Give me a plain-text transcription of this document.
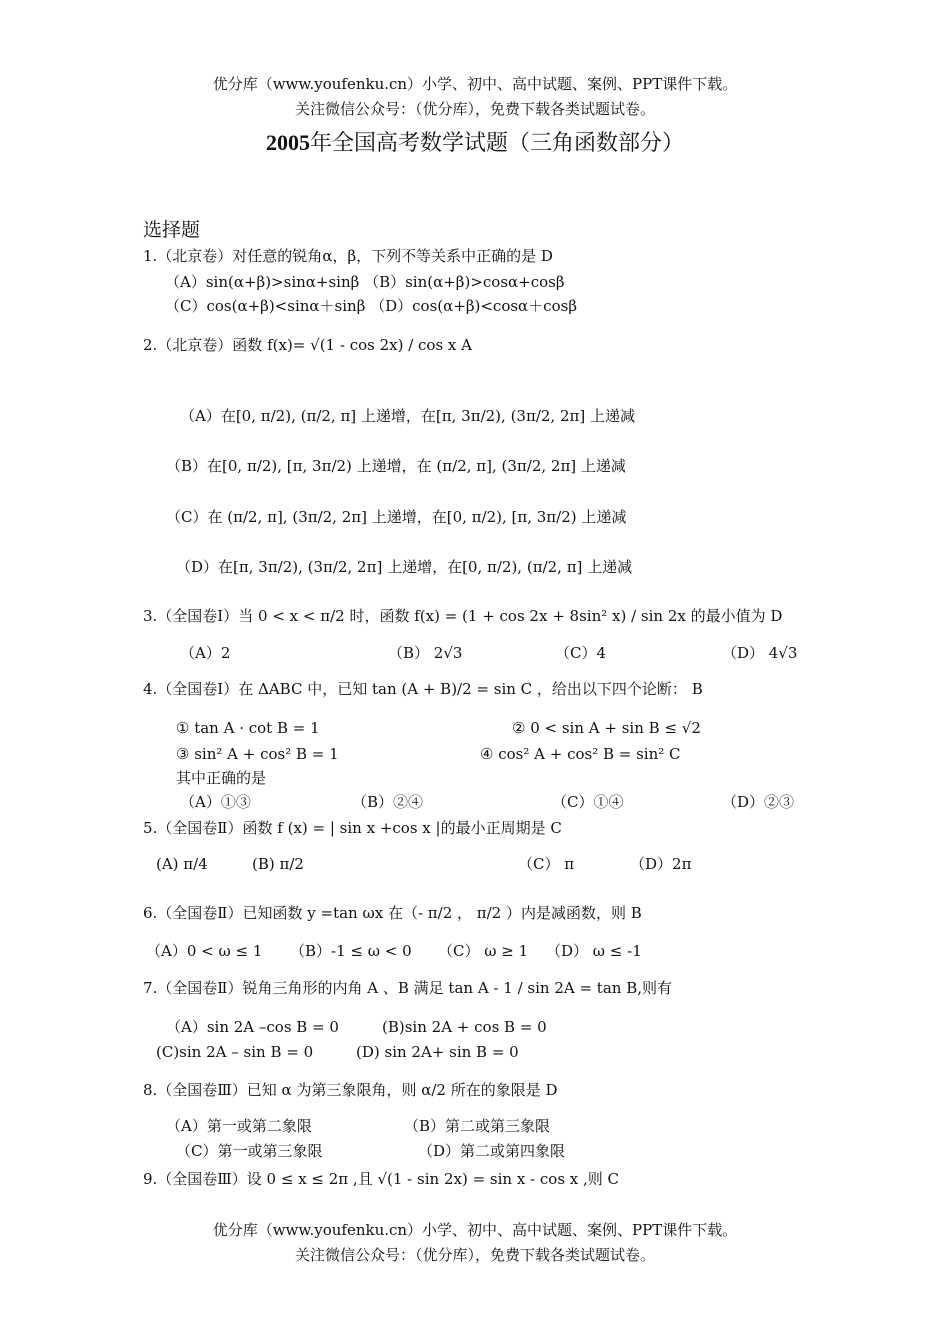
优分库（www.youfenku.cn）小学、初中、高中试题、案例、PPT课件下载。
关注微信公众号：（优分库），免费下载各类试题试卷。
2005年全国高考数学试题（三角函数部分）
选择题
1.（北京卷）对任意的锐角α，β，下列不等关系中正确的是 D
（A）sin(α+β)>sinα+sinβ （B）sin(α+β)>cosα+cosβ
（C）cos(α+β)<sinα＋sinβ （D）cos(α+β)<cosα＋cosβ
2.（北京卷）函数 f(x)= √(1 - cos 2x) / cos x A
（A）在[0, π/2), (π/2, π] 上递增，在[π, 3π/2), (3π/2, 2π] 上递减
（B）在[0, π/2), [π, 3π/2) 上递增，在 (π/2, π], (3π/2, 2π] 上递减
（C）在 (π/2, π], (3π/2, 2π] 上递增，在[0, π/2), [π, 3π/2) 上递减
（D）在[π, 3π/2), (3π/2, 2π] 上递增，在[0, π/2), (π/2, π] 上递减
3.（全国卷Ⅰ）当 0 < x < π/2 时，函数 f(x) = (1 + cos 2x + 8sin² x) / sin 2x 的最小值为 D
（A）2	（B） 2√3	（C）4	（D） 4√3
4.（全国卷Ⅰ）在 ΔABC 中，已知 tan (A + B)/2 = sin C ，给出以下四个论断： B
① tan A · cot B = 1	② 0 < sin A + sin B ≤ √2
③ sin² A + cos² B = 1	④ cos² A + cos² B = sin² C
其中正确的是
（A）①③	（B）②④	（C）①④	（D）②③
5.（全国卷Ⅱ）函数 f (x) = | sin x +cos x |的最小正周期是 C
(A) π/4	(B) π/2	（C） π	（D）2π
6.（全国卷Ⅱ）已知函数 y =tan ωx 在（- π/2 ， π/2 ）内是减函数，则 B
（A）0 < ω ≤ 1 （B）-1 ≤ ω < 0 （C） ω ≥ 1 （D） ω ≤ -1
7.（全国卷Ⅱ）锐角三角形的内角 A 、B 满足 tan A - 1 / sin 2A = tan B,则有
（A）sin 2A –cos B = 0	(B)sin 2A + cos B = 0
(C)sin 2A – sin B = 0	(D) sin 2A+ sin B = 0
8.（全国卷Ⅲ）已知 α 为第三象限角，则 α/2 所在的象限是 D
（A）第一或第二象限	（B）第二或第三象限
（C）第一或第三象限	（D）第二或第四象限
9.（全国卷Ⅲ）设 0 ≤ x ≤ 2π ,且 √(1 - sin 2x) = sin x - cos x ,则 C
优分库（www.youfenku.cn）小学、初中、高中试题、案例、PPT课件下载。
关注微信公众号：（优分库），免费下载各类试题试卷。
